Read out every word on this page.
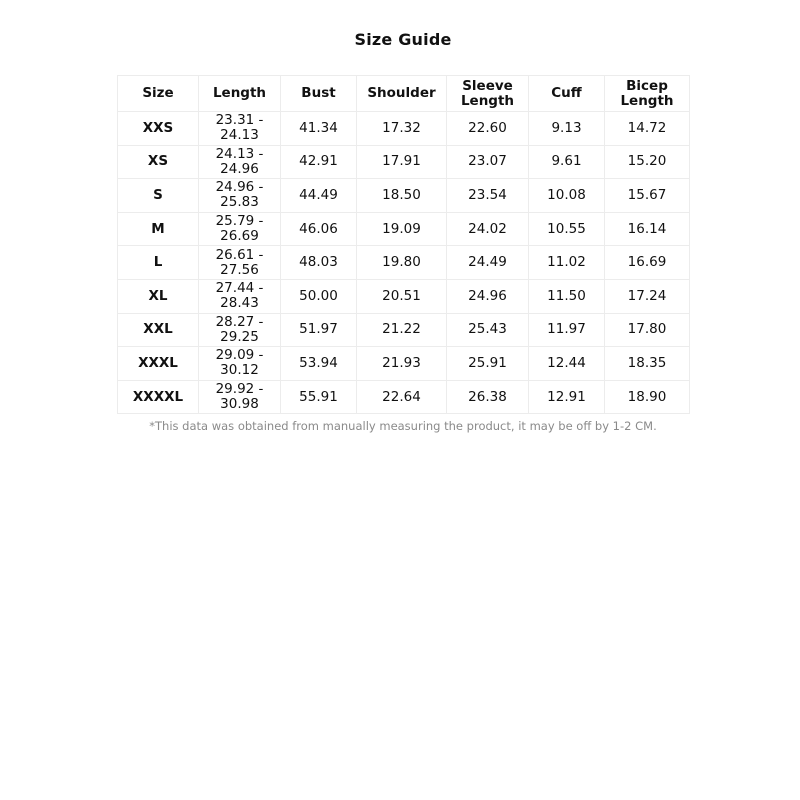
Size Guide
Size	Length	Bust	Shoulder	Sleeve Length	Cuff	Bicep Length
XXS	23.31 - 24.13	41.34	17.32	22.60	9.13	14.72
XS	24.13 - 24.96	42.91	17.91	23.07	9.61	15.20
S	24.96 - 25.83	44.49	18.50	23.54	10.08	15.67
M	25.79 - 26.69	46.06	19.09	24.02	10.55	16.14
L	26.61 - 27.56	48.03	19.80	24.49	11.02	16.69
XL	27.44 - 28.43	50.00	20.51	24.96	11.50	17.24
XXL	28.27 - 29.25	51.97	21.22	25.43	11.97	17.80
XXXL	29.09 - 30.12	53.94	21.93	25.91	12.44	18.35
XXXXL	29.92 - 30.98	55.91	22.64	26.38	12.91	18.90
*This data was obtained from manually measuring the product, it may be off by 1-2 CM.
